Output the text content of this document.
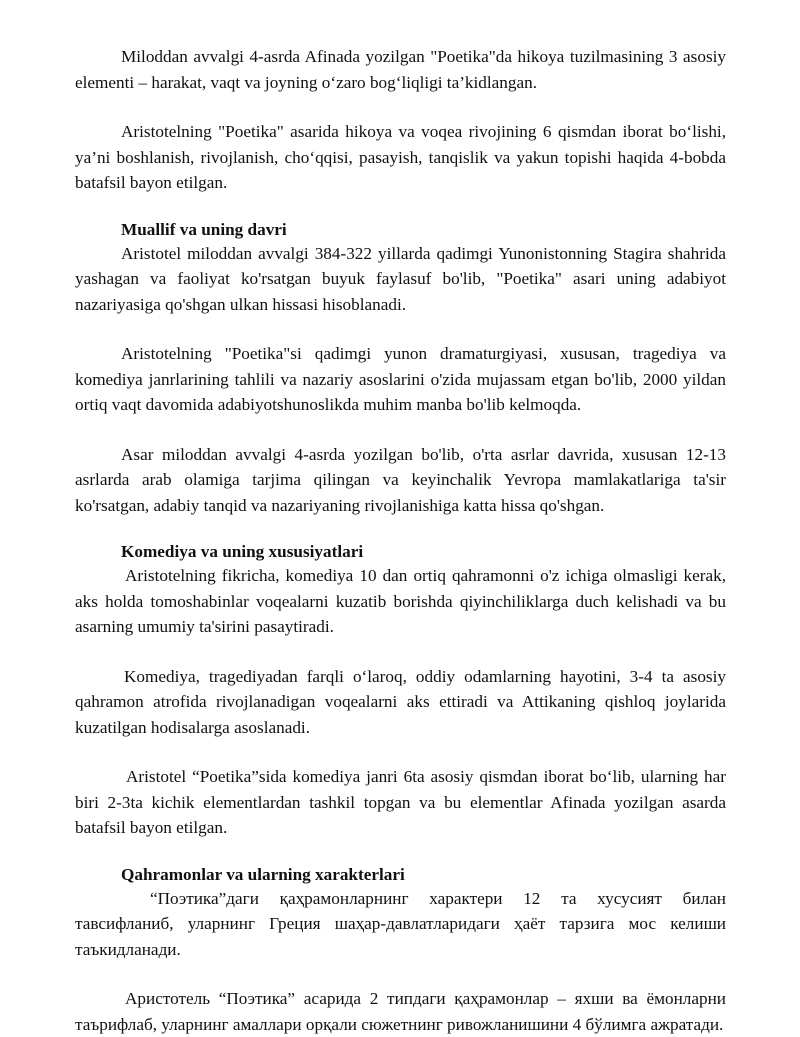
Miloddan avvalgi 4-asrda Afinada yozilgan "Poetika"da hikoya tuzilmasining 3 asosiy elementi – harakat, vaqt va joyning o‘zaro bog‘liqligi ta’kidlangan.

Aristotelning "Poetika" asarida hikoya va voqea rivojining 6 qismdan iborat bo‘lishi, ya’ni boshlanish, rivojlanish, cho‘qqisi, pasayish, tanqislik va yakun topishi haqida 4-bobda batafsil bayon etilgan.

Muallif va uning davri

Aristotel miloddan avvalgi 384-322 yillarda qadimgi Yunonistonning Stagira shahrida yashagan va faoliyat ko'rsatgan buyuk faylasuf bo'lib, "Poetika" asari uning adabiyot nazariyasiga qo'shgan ulkan hissasi hisoblanadi.

Aristotelning "Poetika"si qadimgi yunon dramaturgiyasi, xususan, tragediya va komediya janrlarining tahlili va nazariy asoslarini o'zida mujassam etgan bo'lib, 2000 yildan ortiq vaqt davomida adabiyotshunoslikda muhim manba bo'lib kelmoqda.

Asar miloddan avvalgi 4-asrda yozilgan bo'lib, o'rta asrlar davrida, xususan 12-13 asrlarda arab olamiga tarjima qilingan va keyinchalik Yevropa mamlakatlariga ta'sir ko'rsatgan, adabiy tanqid va nazariyaning rivojlanishiga katta hissa qo'shgan.

Komediya va uning xususiyatlari

Aristotelning fikricha, komediya 10 dan ortiq qahramonni o'z ichiga olmasligi kerak, aks holda tomoshabinlar voqealarni kuzatib borishda qiyinchiliklarga duch kelishadi va bu asarning umumiy ta'sirini pasaytiradi.

Komediya, tragediyadan farqli o‘laroq, oddiy odamlarning hayotini, 3-4 ta asosiy qahramon atrofida rivojlanadigan voqealarni aks ettiradi va Attikaning qishloq joylarida kuzatilgan hodisalarga asoslanadi.

Aristotel “Poetika”sida komediya janri 6ta asosiy qismdan iborat bo‘lib, ularning har biri 2-3ta kichik elementlardan tashkil topgan va bu elementlar Afinada yozilgan asarda batafsil bayon etilgan.

Qahramonlar va ularning xarakterlari

“Поэтика”даги қаҳрамонларнинг характери 12 та хусусият билан тавсифланиб, уларнинг Греция шаҳар-давлатларидаги ҳаёт тарзига мос келиши таъкидланади.

Аристотель “Поэтика” асарида 2 типдаги қаҳрамонлар – яхши ва ёмонларни таърифлаб, уларнинг амаллари орқали сюжетнинг ривожланишини 4 бўлимга ажратади.
